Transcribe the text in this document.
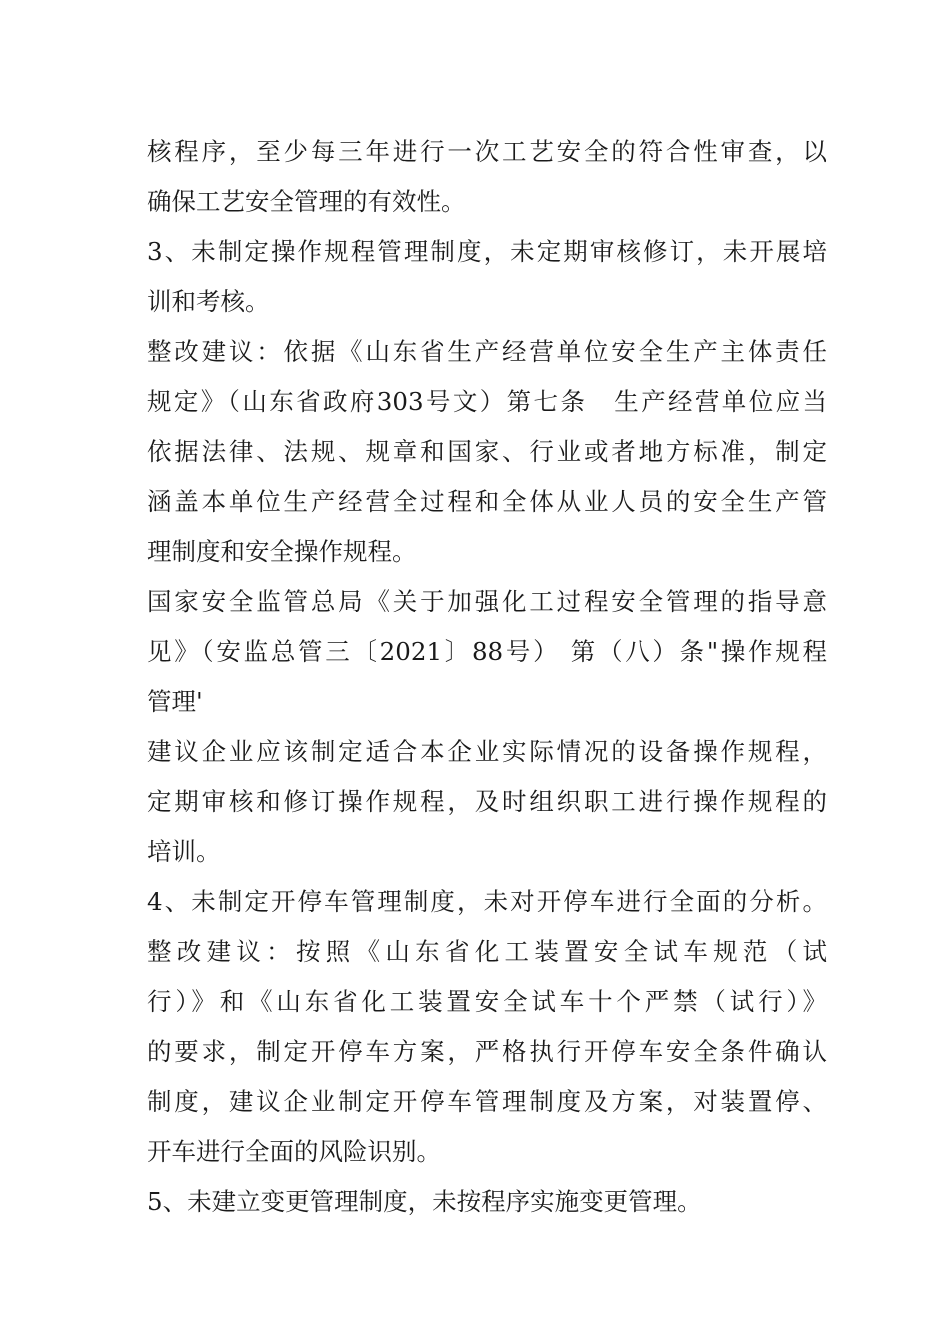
核程序，至少每三年进行一次工艺安全的符合性审查，以
确保工艺安全管理的有效性。
3、未制定操作规程管理制度，未定期审核修订，未开展培
训和考核。
整改建议：依据《山东省生产经营单位安全生产主体责任
规定》（山东省政府303号文）第七条　生产经营单位应当
依据法律、法规、规章和国家、行业或者地方标准，制定
涵盖本单位生产经营全过程和全体从业人员的安全生产管
理制度和安全操作规程。
国家安全监管总局《关于加强化工过程安全管理的指导意
见》（安监总管三〔2021〕88号） 第（八）条"操作规程
管理'
建议企业应该制定适合本企业实际情况的设备操作规程，
定期审核和修订操作规程，及时组织职工进行操作规程的
培训。
4、未制定开停车管理制度，未对开停车进行全面的分析。
整改建议：按照《山东省化工装置安全试车规范（试
行）》和《山东省化工装置安全试车十个严禁（试行）》
的要求，制定开停车方案，严格执行开停车安全条件确认
制度，建议企业制定开停车管理制度及方案，对装置停、
开车进行全面的风险识别。
5、未建立变更管理制度，未按程序实施变更管理。
